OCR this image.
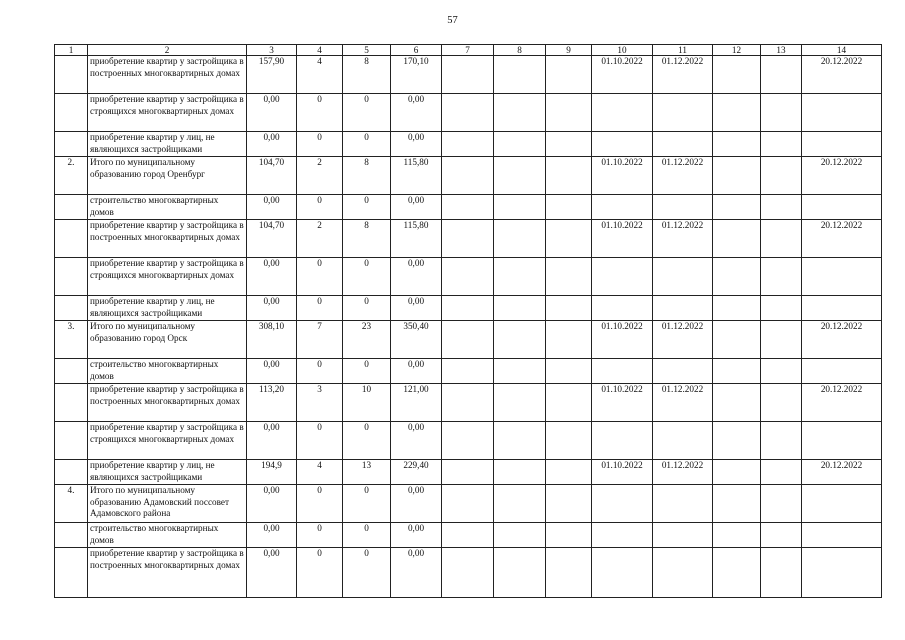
57
1	2	3	4	5	6	7	8	9	10	11	12	13	14
	приобретение квартир у застройщика в построенных многоквартирных домах	157,90	4	8	170,10				01.10.2022	01.12.2022			20.12.2022
	приобретение квартир у застройщика в строящихся многоквартирных домах	0,00	0	0	0,00								
	приобретение квартир у лиц, не являющихся застройщиками	0,00	0	0	0,00								
2.	Итого по муниципальному образованию город Оренбург	104,70	2	8	115,80				01.10.2022	01.12.2022			20.12.2022
	строительство многоквартирных домов	0,00	0	0	0,00								
	приобретение квартир у застройщика в построенных многоквартирных домах	104,70	2	8	115,80				01.10.2022	01.12.2022			20.12.2022
	приобретение квартир у застройщика в строящихся многоквартирных домах	0,00	0	0	0,00								
	приобретение квартир у лиц, не являющихся застройщиками	0,00	0	0	0,00								
3.	Итого по муниципальному образованию город Орск	308,10	7	23	350,40				01.10.2022	01.12.2022			20.12.2022
	строительство многоквартирных домов	0,00	0	0	0,00								
	приобретение квартир у застройщика в построенных многоквартирных домах	113,20	3	10	121,00				01.10.2022	01.12.2022			20.12.2022
	приобретение квартир у застройщика в строящихся многоквартирных домах	0,00	0	0	0,00								
	приобретение квартир у лиц, не являющихся застройщиками	194,9	4	13	229,40				01.10.2022	01.12.2022			20.12.2022
4.	Итого по муниципальному образованию Адамовский поссовет Адамовского района	0,00	0	0	0,00								
	строительство многоквартирных домов	0,00	0	0	0,00								
	приобретение квартир у застройщика в построенных многоквартирных домах	0,00	0	0	0,00								
